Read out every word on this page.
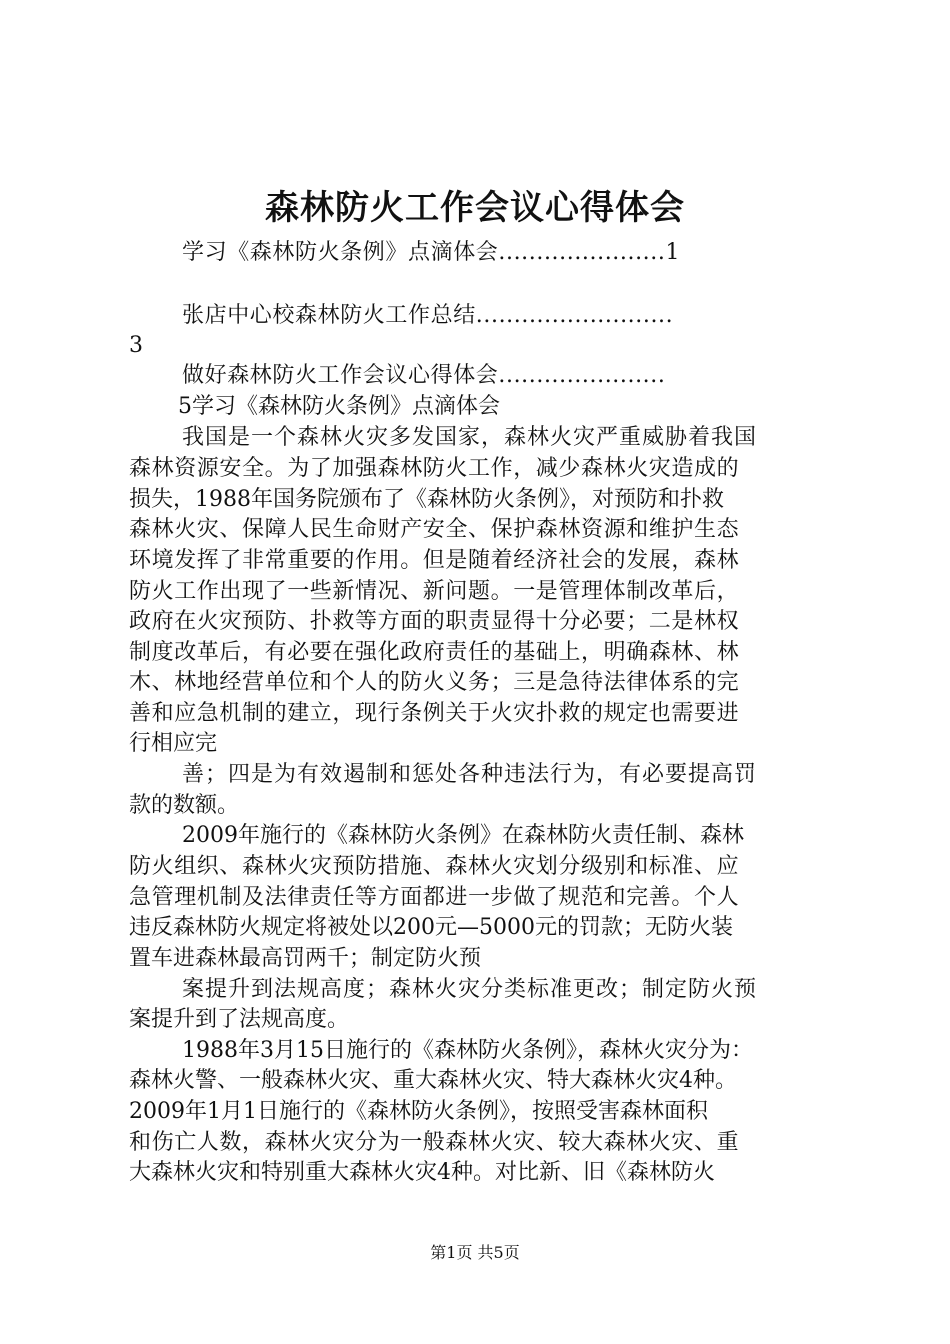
森林防火工作会议心得体会

学习《森林防火条例》点滴体会......................1

张店中心校森林防火工作总结..........................

3

做好森林防火工作会议心得体会......................

5学习《森林防火条例》点滴体会

我国是一个森林火灾多发国家，森林火灾严重威胁着我国

森林资源安全。为了加强森林防火工作，减少森林火灾造成的

损失，1988年国务院颁布了《森林防火条例》，对预防和扑救

森林火灾、保障人民生命财产安全、保护森林资源和维护生态

环境发挥了非常重要的作用。但是随着经济社会的发展，森林

防火工作出现了一些新情况、新问题。一是管理体制改革后，

政府在火灾预防、扑救等方面的职责显得十分必要；二是林权

制度改革后，有必要在强化政府责任的基础上，明确森林、林

木、林地经营单位和个人的防火义务；三是急待法律体系的完

善和应急机制的建立，现行条例关于火灾扑救的规定也需要进

行相应完

善；四是为有效遏制和惩处各种违法行为，有必要提高罚

款的数额。

2009年施行的《森林防火条例》在森林防火责任制、森林

防火组织、森林火灾预防措施、森林火灾划分级别和标准、应

急管理机制及法律责任等方面都进一步做了规范和完善。个人

违反森林防火规定将被处以200元—5000元的罚款；无防火装

置车进森林最高罚两千；制定防火预

案提升到法规高度；森林火灾分类标准更改；制定防火预

案提升到了法规高度。

1988年3月15日施行的《森林防火条例》，森林火灾分为：

森林火警、一般森林火灾、重大森林火灾、特大森林火灾4种。

2009年1月1日施行的《森林防火条例》，按照受害森林面积

和伤亡人数，森林火灾分为一般森林火灾、较大森林火灾、重

大森林火灾和特别重大森林火灾4种。对比新、旧《森林防火

第1页 共5页
